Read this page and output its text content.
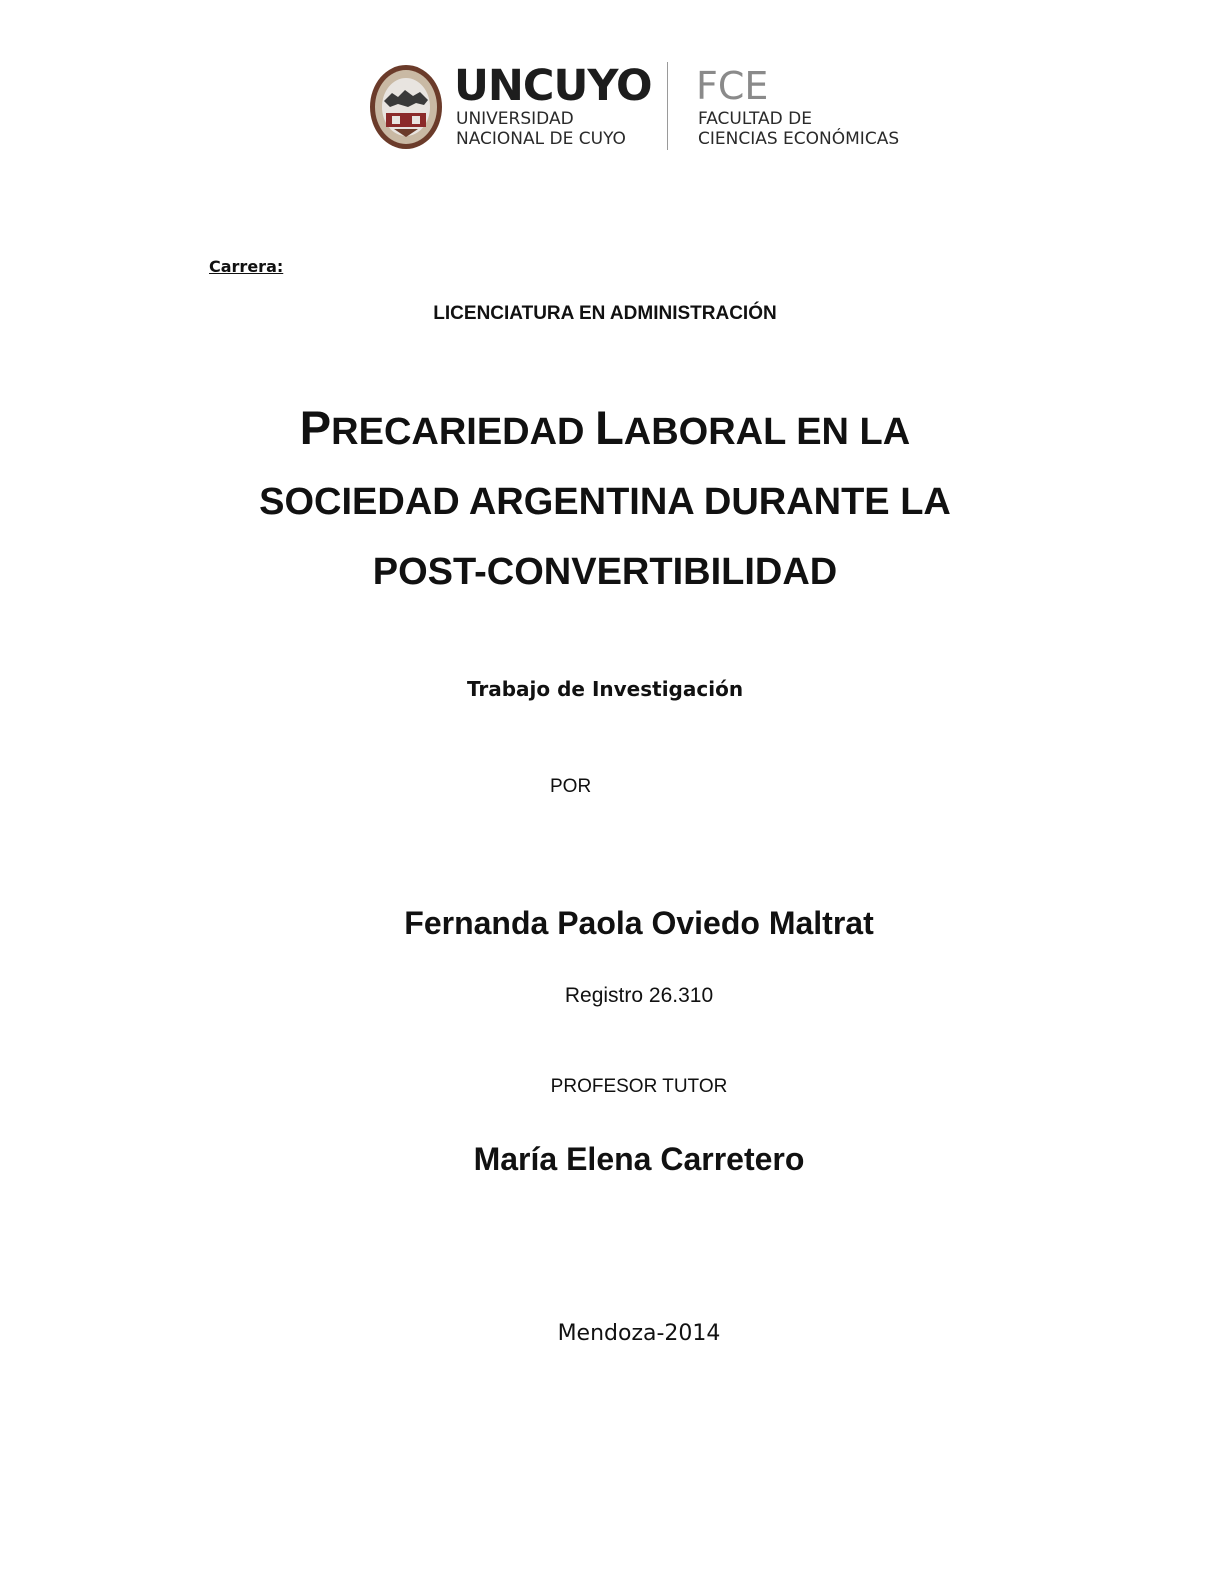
UNCUYO
UNIVERSIDAD
NACIONAL DE CUYO
FCE
FACULTAD DE
CIENCIAS ECONÓMICAS
Carrera:
LICENCIATURA EN ADMINISTRACIÓN
PRECARIEDAD LABORAL EN LA
SOCIEDAD ARGENTINA DURANTE LA
POST-CONVERTIBILIDAD
Trabajo de Investigación
POR
Fernanda Paola Oviedo Maltrat
Registro 26.310
PROFESOR TUTOR
María Elena Carretero
Mendoza-2014
